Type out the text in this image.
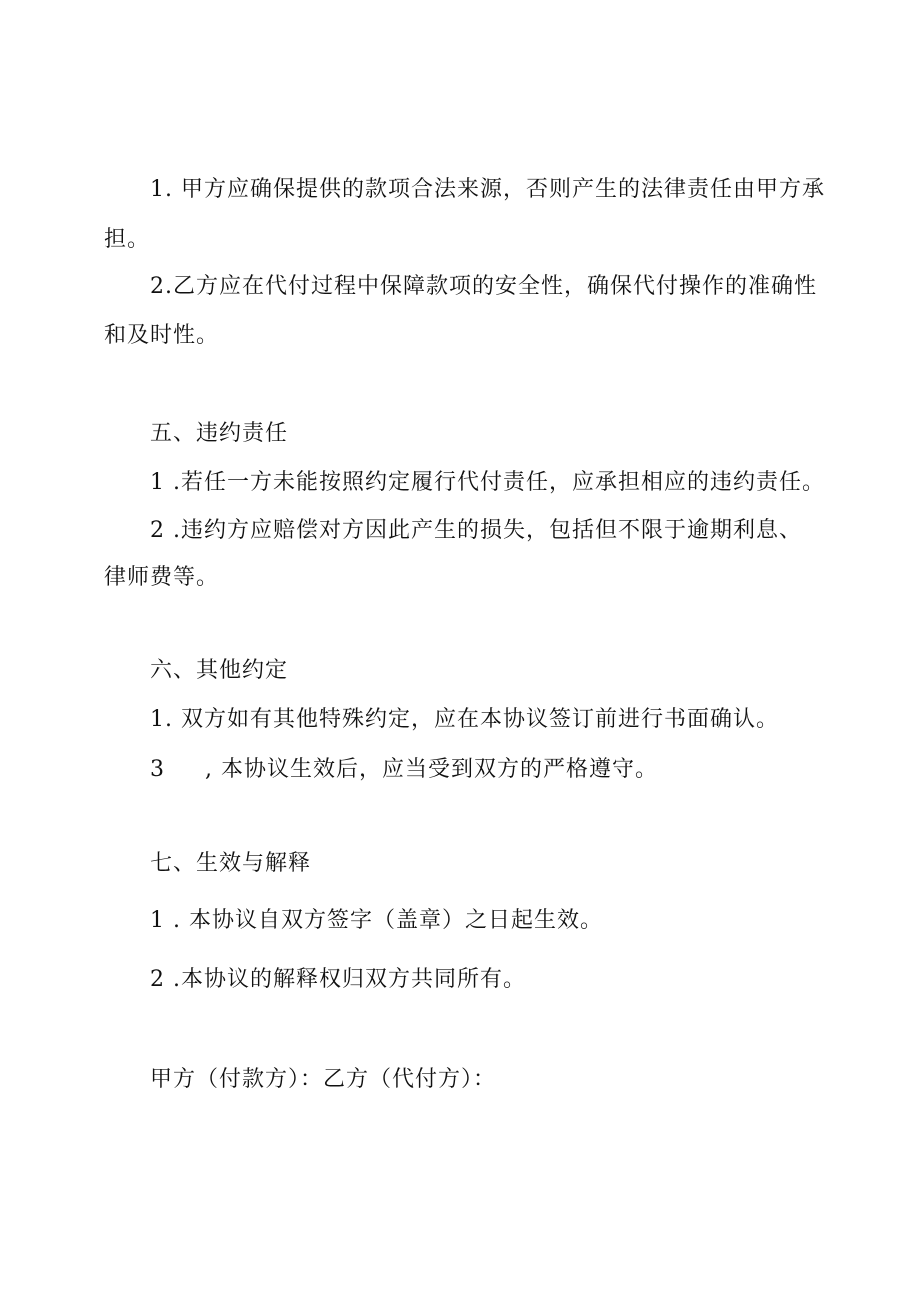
1. 甲方应确保提供的款项合法来源，否则产生的法律责任由甲方承
担。
2.乙方应在代付过程中保障款项的安全性，确保代付操作的准确性
和及时性。
五、违约责任
1 .若任一方未能按照约定履行代付责任，应承担相应的违约责任。
2 .违约方应赔偿对方因此产生的损失，包括但不限于逾期利息、
律师费等。
六、其他约定
1. 双方如有其他特殊约定，应在本协议签订前进行书面确认。
3 , 本协议生效后，应当受到双方的严格遵守。
七、生效与解释
1 . 本协议自双方签字（盖章）之日起生效。
2 .本协议的解释权归双方共同所有。
甲方（付款方）：乙方（代付方）：
